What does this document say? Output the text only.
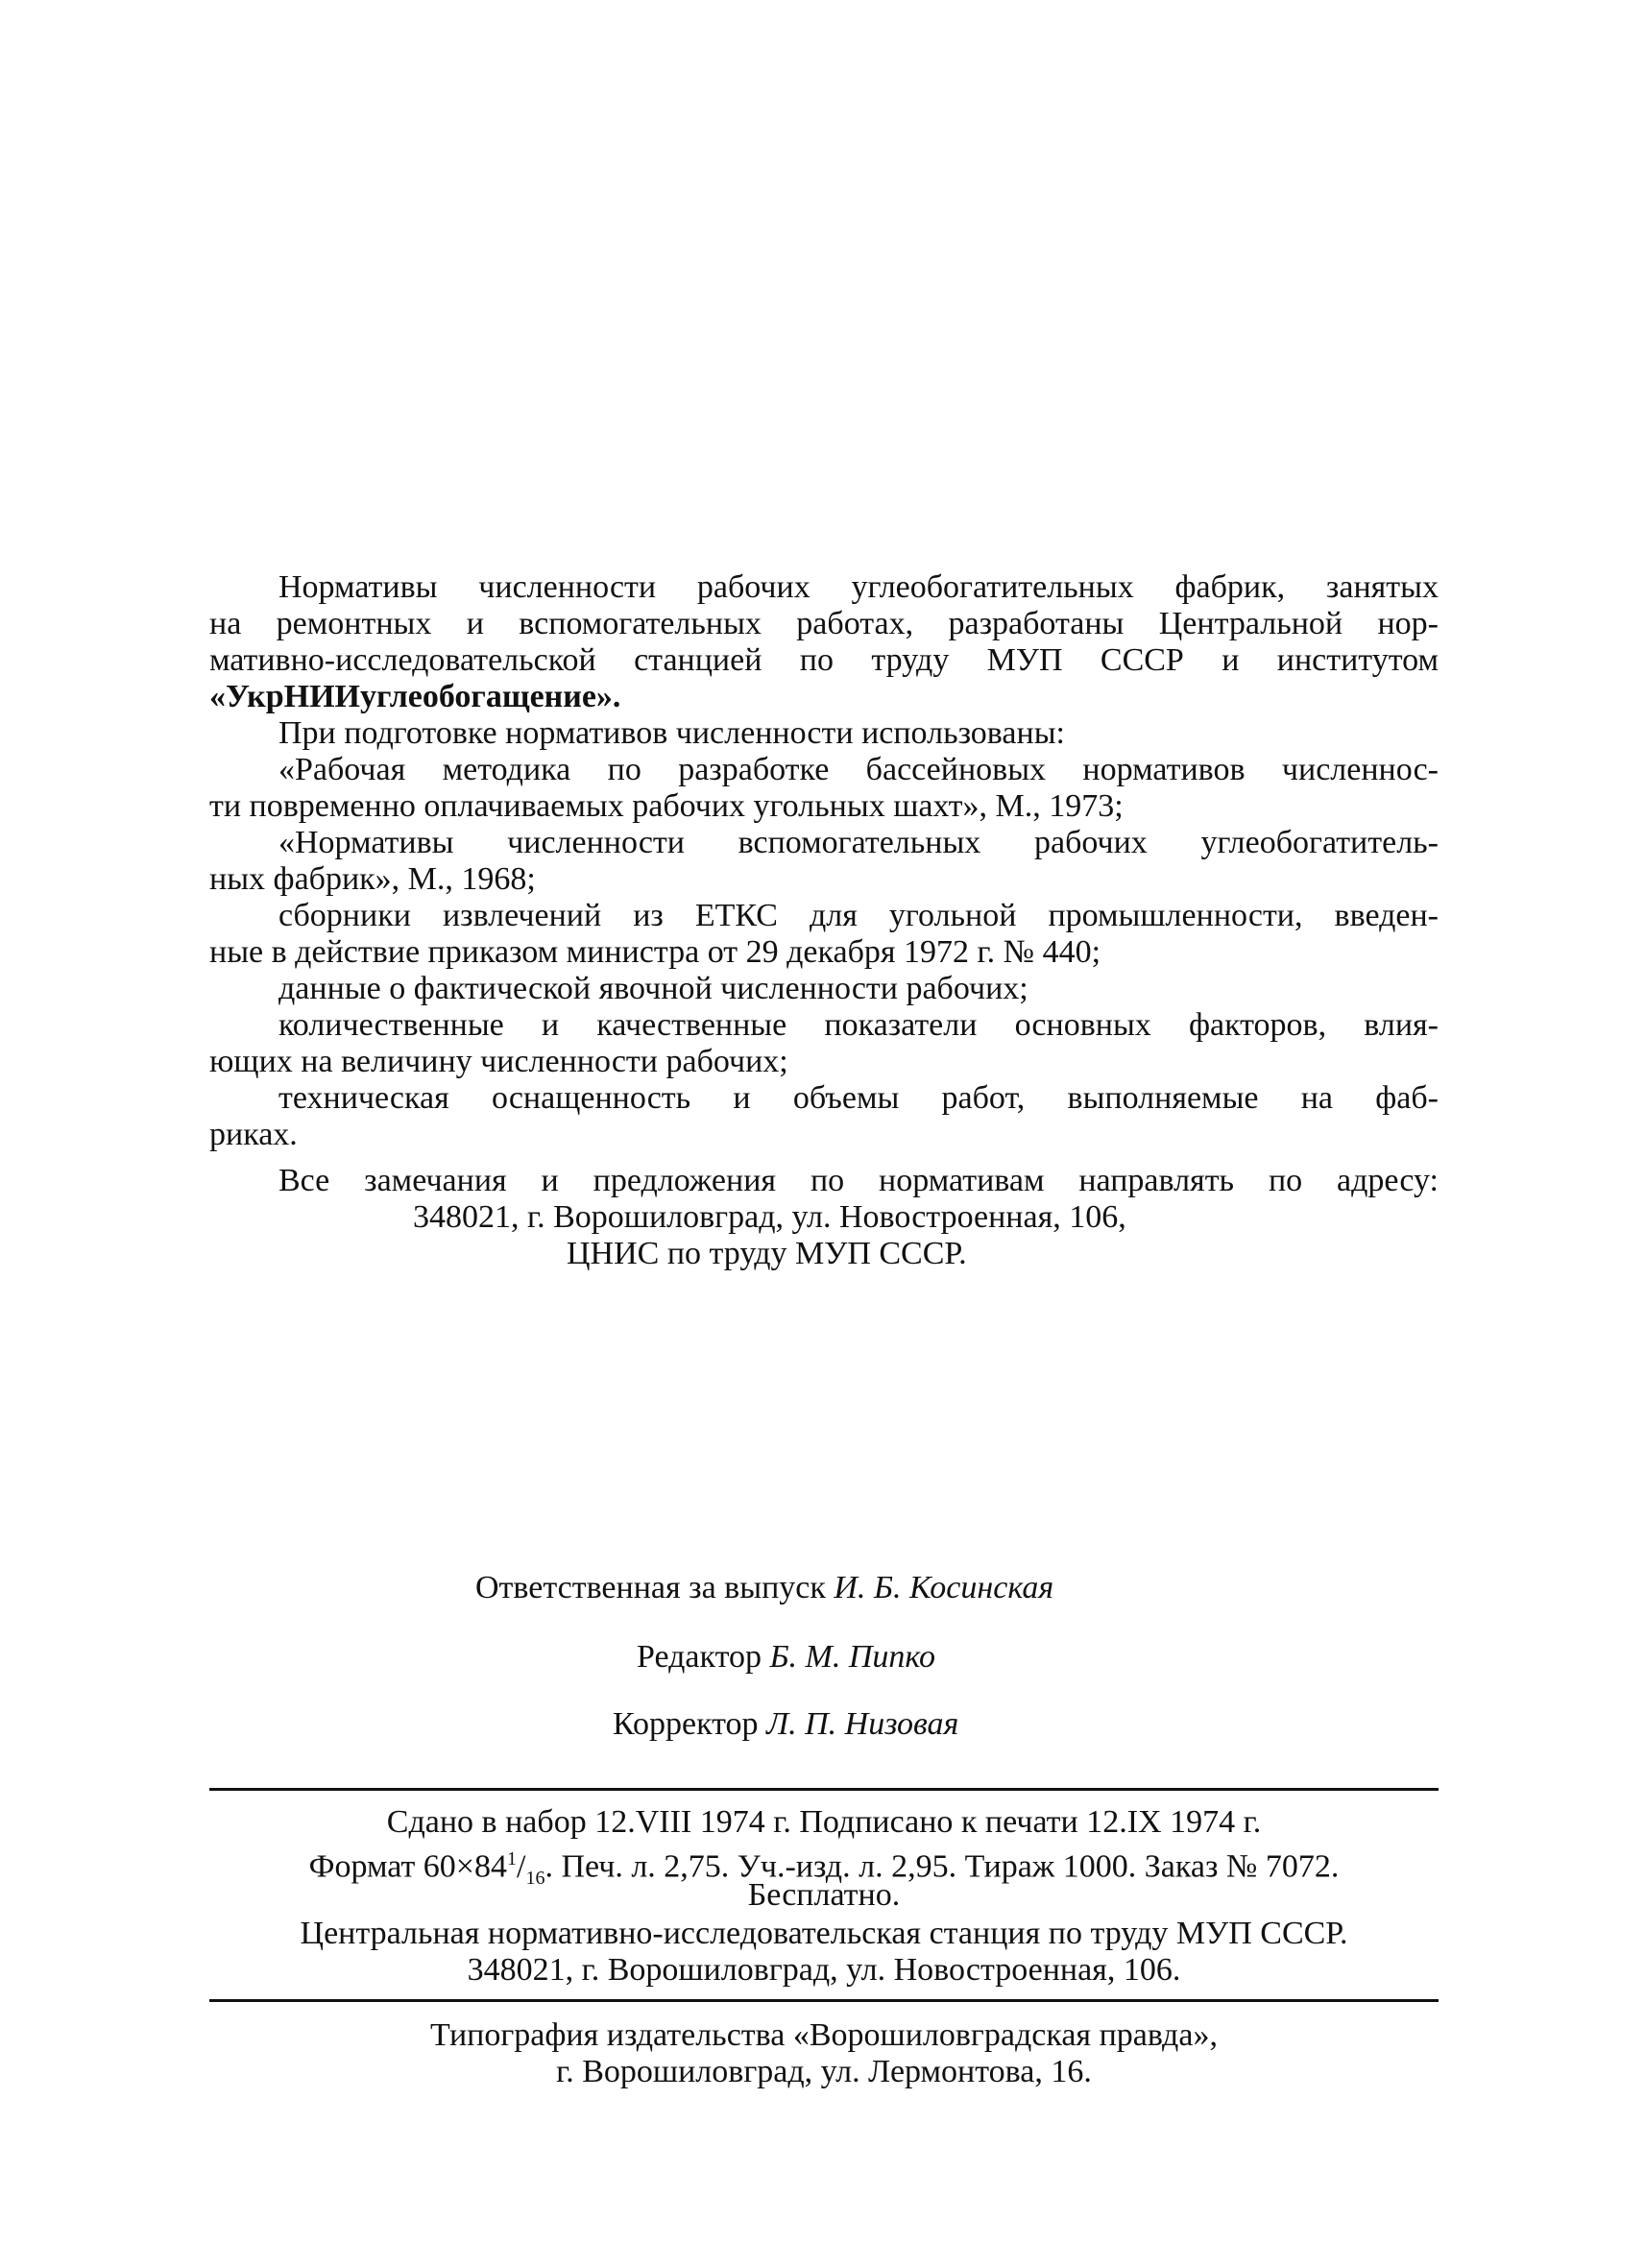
Нормативы численности рабочих углеобогатительных фабрик, занятых
на ремонтных и вспомогательных работах, разработаны Центральной нор-
мативно-исследовательской станцией по труду МУП СССР и институтом
«УкрНИИуглеобогащение».
При подготовке нормативов численности использованы:
«Рабочая методика по разработке бассейновых нормативов численнос-
ти повременно оплачиваемых рабочих угольных шахт», М., 1973;
«Нормативы численности вспомогательных рабочих углеобогатитель-
ных фабрик», М., 1968;
сборники извлечений из ЕТКС для угольной промышленности, введен-
ные в действие приказом министра от 29 декабря 1972 г. № 440;
данные о фактической явочной численности рабочих;
количественные и качественные показатели основных факторов, влия-
ющих на величину численности рабочих;
техническая оснащенность и объемы работ, выполняемые на фаб-
риках.
Все замечания и предложения по нормативам направлять по адресу:
348021, г. Ворошиловград, ул. Новостроенная, 106,
ЦНИС по труду МУП СССР.
Ответственная за выпуск И. Б. Косинская
Редактор Б. М. Пипко
Корректор Л. П. Низовая
Сдано в набор 12.VIII 1974 г. Подписано к печати 12.IX 1974 г.
Формат $60\times 84^1/_{16}$. Печ. л. 2,75. Уч.-изд. л. 2,95. Тираж 1000. Заказ № 7072.
Бесплатно.
Центральная нормативно-исследовательская станция по труду МУП СССР.
348021, г. Ворошиловград, ул. Новостроенная, 106.
Типография издательства «Ворошиловградская правда»,
г. Ворошиловград, ул. Лермонтова, 16.
